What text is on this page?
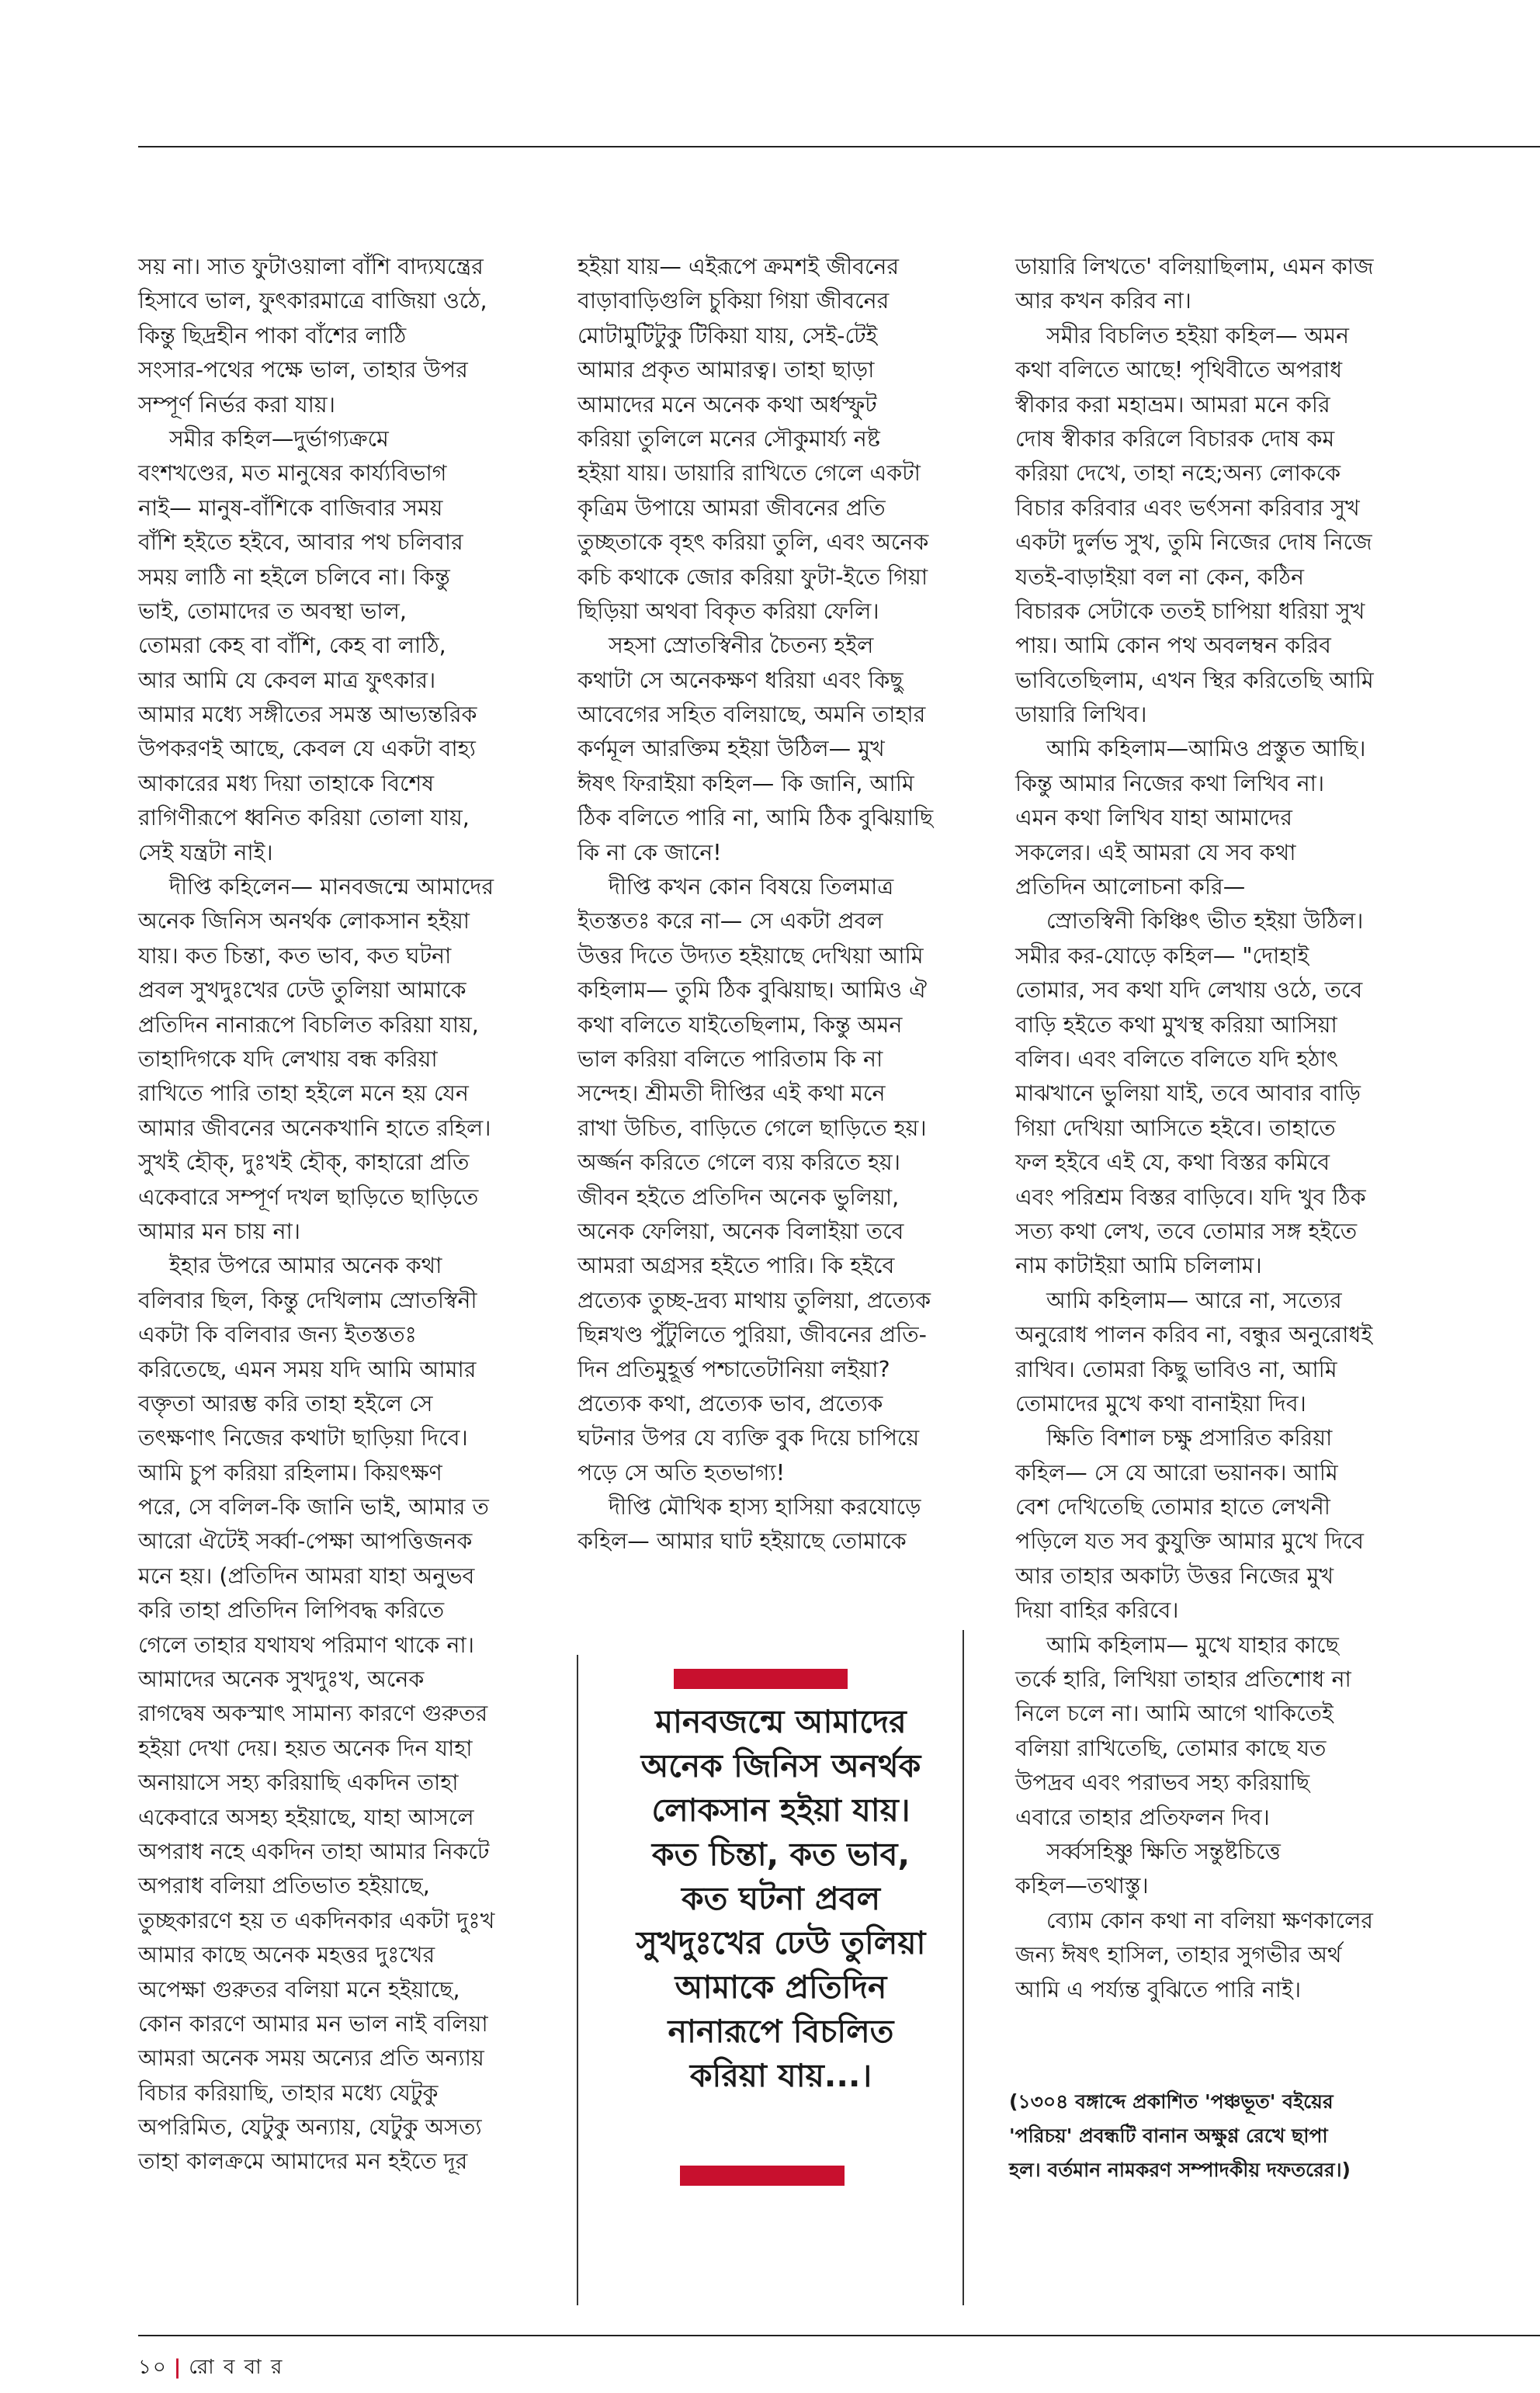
সয় না। সাত ফুটাওয়ালা বাঁশি বাদ্যযন্ত্রের
হিসাবে ভাল, ফুৎকারমাত্রে বাজিয়া ওঠে,
কিন্তু ছিদ্রহীন পাকা বাঁশের লাঠি
সংসার-পথের পক্ষে ভাল, তাহার উপর
সম্পূর্ণ নির্ভর করা যায়।
সমীর কহিল—দুর্ভাগ্যক্রমে
বংশখণ্ডের, মত মানুষের কার্য্যবিভাগ
নাই— মানুষ-বাঁশিকে বাজিবার সময়
বাঁশি হইতে হইবে, আবার পথ চলিবার
সময় লাঠি না হইলে চলিবে না। কিন্তু
ভাই, তোমাদের ত অবস্থা ভাল,
তোমরা কেহ বা বাঁশি, কেহ বা লাঠি,
আর আমি যে কেবল মাত্র ফুৎকার।
আমার মধ্যে সঙ্গীতের সমস্ত আভ্যন্তরিক
উপকরণই আছে, কেবল যে একটা বাহ্য
আকারের মধ্য দিয়া তাহাকে বিশেষ
রাগিণীরূপে ধ্বনিত করিয়া তোলা যায়,
সেই যন্ত্রটা নাই।
দীপ্তি কহিলেন— মানবজন্মে আমাদের
অনেক জিনিস অনর্থক লোকসান হইয়া
যায়। কত চিন্তা, কত ভাব, কত ঘটনা
প্রবল সুখদুঃখের ঢেউ তুলিয়া আমাকে
প্রতিদিন নানারূপে বিচলিত করিয়া যায়,
তাহাদিগকে যদি লেখায় বন্ধ করিয়া
রাখিতে পারি তাহা হইলে মনে হয় যেন
আমার জীবনের অনেকখানি হাতে রহিল।
সুখই হৌক্‌, দুঃখই হৌক্‌, কাহারো প্রতি
একেবারে সম্পূর্ণ দখল ছাড়িতে ছাড়িতে
আমার মন চায় না।
ইহার উপরে আমার অনেক কথা
বলিবার ছিল, কিন্তু দেখিলাম স্রোতস্বিনী
একটা কি বলিবার জন্য ইতস্ততঃ
করিতেছে, এমন সময় যদি আমি আমার
বক্তৃতা আরম্ভ করি তাহা হইলে সে
তৎক্ষণাৎ নিজের কথাটা ছাড়িয়া দিবে।
আমি চুপ করিয়া রহিলাম। কিয়ৎক্ষণ
পরে, সে বলিল-কি জানি ভাই, আমার ত
আরো ঐটেই সর্ব্বা-পেক্ষা আপত্তিজনক
মনে হয়। (প্রতিদিন আমরা যাহা অনুভব
করি তাহা প্রতিদিন লিপিবদ্ধ করিতে
গেলে তাহার যথাযথ পরিমাণ থাকে না।
আমাদের অনেক সুখদুঃখ, অনেক
রাগদ্বেষ অকস্মাৎ সামান্য কারণে গুরুতর
হইয়া দেখা দেয়। হয়ত অনেক দিন যাহা
অনায়াসে সহ্য করিয়াছি একদিন তাহা
একেবারে অসহ্য হইয়াছে, যাহা আসলে
অপরাধ নহে একদিন তাহা আমার নিকটে
অপরাধ বলিয়া প্রতিভাত হইয়াছে,
তুচ্ছকারণে হয় ত একদিনকার একটা দুঃখ
আমার কাছে অনেক মহত্তর দুঃখের
অপেক্ষা গুরুতর বলিয়া মনে হইয়াছে,
কোন কারণে আমার মন ভাল নাই বলিয়া
আমরা অনেক সময় অন্যের প্রতি অন্যায়
বিচার করিয়াছি, তাহার মধ্যে যেটুকু
অপরিমিত, যেটুকু অন্যায়, যেটুকু অসত্য
তাহা কালক্রমে আমাদের মন হইতে দূর
হইয়া যায়— এইরূপে ক্রমশই জীবনের
বাড়াবাড়িগুলি চুকিয়া গিয়া জীবনের
মোটামুটিটুকু টিকিয়া যায়, সেই-টেই
আমার প্রকৃত আমারত্ব। তাহা ছাড়া
আমাদের মনে অনেক কথা অর্ধস্ফুট
করিয়া তুলিলে মনের সৌকুমার্য্য নষ্ট
হইয়া যায়। ডায়ারি রাখিতে গেলে একটা
কৃত্রিম উপায়ে আমরা জীবনের প্রতি
তুচ্ছতাকে বৃহৎ করিয়া তুলি, এবং অনেক
কচি কথাকে জোর করিয়া ফুটা-ইতে গিয়া
ছিড়িয়া অথবা বিকৃত করিয়া ফেলি।
সহসা স্রোতস্বিনীর চৈতন্য হইল
কথাটা সে অনেকক্ষণ ধরিয়া এবং কিছু
আবেগের সহিত বলিয়াছে, অমনি তাহার
কর্ণমূল আরক্তিম হইয়া উঠিল— মুখ
ঈষৎ ফিরাইয়া কহিল— কি জানি, আমি
ঠিক বলিতে পারি না, আমি ঠিক বুঝিয়াছি
কি না কে জানে!
দীপ্তি কখন কোন বিষয়ে তিলমাত্র
ইতস্ততঃ করে না— সে একটা প্রবল
উত্তর দিতে উদ্যত হইয়াছে দেখিয়া আমি
কহিলাম— তুমি ঠিক বুঝিয়াছ। আমিও ঐ
কথা বলিতে যাইতেছিলাম, কিন্তু অমন
ভাল করিয়া বলিতে পারিতাম কি না
সন্দেহ। শ্রীমতী দীপ্তির এই কথা মনে
রাখা উচিত, বাড়িতে গেলে ছাড়িতে হয়।
অর্জ্জন করিতে গেলে ব্যয় করিতে হয়।
জীবন হইতে প্রতিদিন অনেক ভুলিয়া,
অনেক ফেলিয়া, অনেক বিলাইয়া তবে
আমরা অগ্রসর হইতে পারি। কি হইবে
প্রত্যেক তুচ্ছ-দ্রব্য মাথায় তুলিয়া, প্রত্যেক
ছিন্নখণ্ড পুঁটুলিতে পুরিয়া, জীবনের প্রতি-
দিন প্রতিমুহূর্ত্ত পশ্চাতেটানিয়া লইয়া?
প্রত্যেক কথা, প্রত্যেক ভাব, প্রত্যেক
ঘটনার উপর যে ব্যক্তি বুক দিয়ে চাপিয়ে
পড়ে সে অতি হতভাগ্য!
দীপ্তি মৌখিক হাস্য হাসিয়া করযোড়ে
কহিল— আমার ঘাট হইয়াছে তোমাকে
ডায়ারি লিখতে' বলিয়াছিলাম, এমন কাজ
আর কখন করিব না।
সমীর বিচলিত হইয়া কহিল— অমন
কথা বলিতে আছে! পৃথিবীতে অপরাধ
স্বীকার করা মহাভ্রম। আমরা মনে করি
দোষ স্বীকার করিলে বিচারক দোষ কম
করিয়া দেখে, তাহা নহে;অন্য লোককে
বিচার করিবার এবং ভর্ৎসনা করিবার সুখ
একটা দুর্লভ সুখ, তুমি নিজের দোষ নিজে
যতই-বাড়াইয়া বল না কেন, কঠিন
বিচারক সেটাকে ততই চাপিয়া ধরিয়া সুখ
পায়। আমি কোন পথ অবলম্বন করিব
ভাবিতেছিলাম, এখন স্থির করিতেছি আমি
ডায়ারি লিখিব।
আমি কহিলাম—আমিও প্রস্তুত আছি।
কিন্তু আমার নিজের কথা লিখিব না।
এমন কথা লিখিব যাহা আমাদের
সকলের। এই আমরা যে সব কথা
প্রতিদিন আলোচনা করি—
স্রোতস্বিনী কিঞ্চিৎ ভীত হইয়া উঠিল।
সমীর কর-যোড়ে কহিল— "দোহাই
তোমার, সব কথা যদি লেখায় ওঠে, তবে
বাড়ি হইতে কথা মুখস্থ করিয়া আসিয়া
বলিব। এবং বলিতে বলিতে যদি হঠাৎ
মাঝখানে ভুলিয়া যাই, তবে আবার বাড়ি
গিয়া দেখিয়া আসিতে হইবে। তাহাতে
ফল হইবে এই যে, কথা বিস্তর কমিবে
এবং পরিশ্রম বিস্তর বাড়িবে। যদি খুব ঠিক
সত্য কথা লেখ, তবে তোমার সঙ্গ হইতে
নাম কাটাইয়া আমি চলিলাম।
আমি কহিলাম— আরে না, সত্যের
অনুরোধ পালন করিব না, বন্ধুর অনুরোধই
রাখিব। তোমরা কিছু ভাবিও না, আমি
তোমাদের মুখে কথা বানাইয়া দিব।
ক্ষিতি বিশাল চক্ষু প্রসারিত করিয়া
কহিল— সে যে আরো ভয়ানক। আমি
বেশ দেখিতেছি তোমার হাতে লেখনী
পড়িলে যত সব কুযুক্তি আমার মুখে দিবে
আর তাহার অকাট্য উত্তর নিজের মুখ
দিয়া বাহির করিবে।
আমি কহিলাম— মুখে যাহার কাছে
তর্কে হারি, লিখিয়া তাহার প্রতিশোধ না
নিলে চলে না। আমি আগে থাকিতেই
বলিয়া রাখিতেছি, তোমার কাছে যত
উপদ্রব এবং পরাভব সহ্য করিয়াছি
এবারে তাহার প্রতিফলন দিব।
সর্ব্বসহিষ্ণু ক্ষিতি সন্তুষ্টচিত্তে
কহিল—তথাস্তু।
ব্যোম কোন কথা না বলিয়া ক্ষণকালের
জন্য ঈষৎ হাসিল, তাহার সুগভীর অর্থ
আমি এ পর্য্যন্ত বুঝিতে পারি নাই।
মানবজন্মে আমাদের
অনেক জিনিস অনর্থক
লোকসান হইয়া যায়।
কত চিন্তা, কত ভাব,
কত ঘটনা প্রবল
সুখদুঃখের ঢেউ তুলিয়া
আমাকে প্রতিদিন
নানারূপে বিচলিত
করিয়া যায়...।
(১৩০৪ বঙ্গাব্দে প্রকাশিত 'পঞ্চভূত' বইয়ের
'পরিচয়' প্রবন্ধটি বানান অক্ষুণ্ণ রেখে ছাপা
হল। বর্তমান নামকরণ সম্পাদকীয় দফতরের।)
১০ | রো ব বা র
